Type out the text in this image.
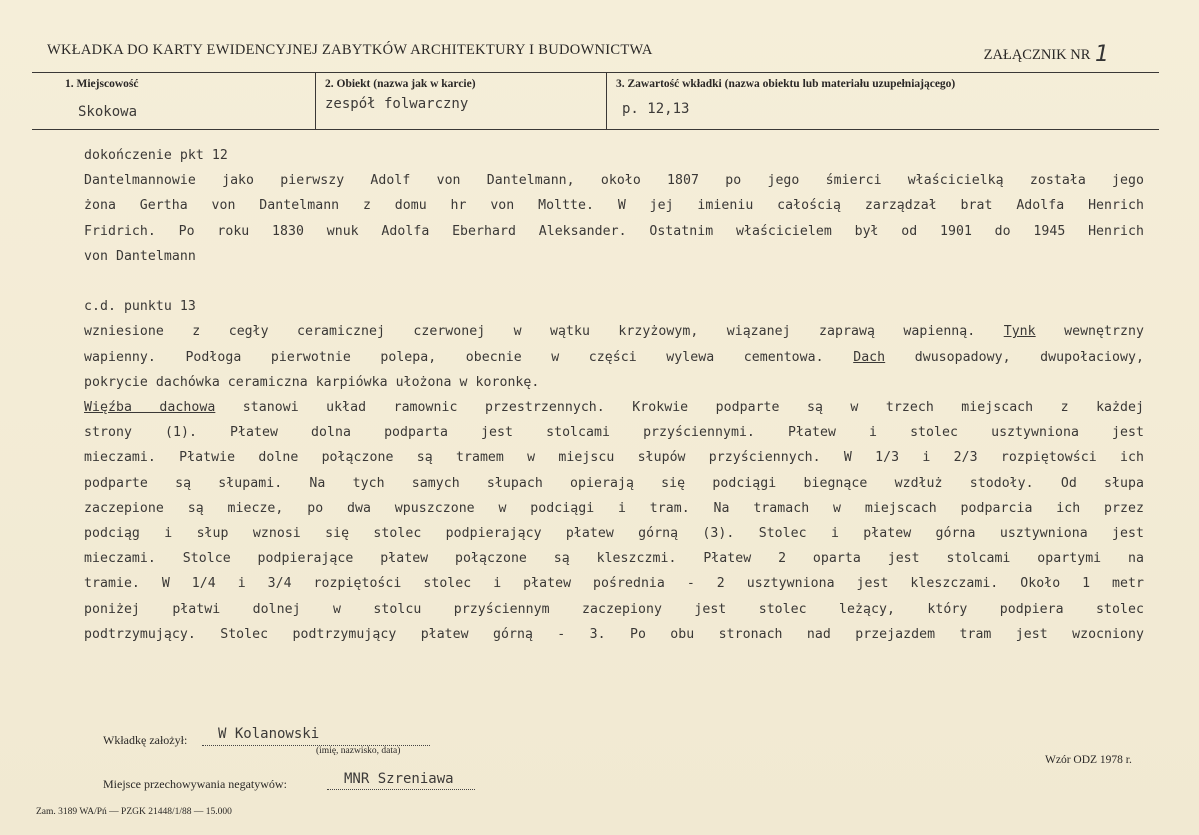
WKŁADKA DO KARTY EWIDENCYJNEJ ZABYTKÓW ARCHITEKTURY I BUDOWNICTWA	ZAŁĄCZNIK NR 1
1. Miejscowość
Skokowa
2. Obiekt (nazwa jak w karcie)
zespół folwarczny
3. Zawartość wkładki (nazwa obiektu lub materiału uzupełniającego)
p. 12,13
dokończenie pkt 12
Dantelmannowie jako pierwszy Adolf von Dantelmann, około 1807 po jego śmierci właścicielką została jego
żona Gertha von Dantelmann z domu hr von Moltte. W jej imieniu całością zarządzał brat Adolfa Henrich
Fridrich. Po roku 1830 wnuk Adolfa Eberhard Aleksander. Ostatnim właścicielem był od 1901 do 1945 Henrich
von Dantelmann
c.d. punktu 13
wzniesione z cegły ceramicznej czerwonej w wątku krzyżowym, wiązanej zaprawą wapienną. Tynk wewnętrzny
wapienny. Podłoga pierwotnie polepa, obecnie w części wylewa cementowa. Dach dwusopadowy, dwupołaciowy,
pokrycie dachówka ceramiczna karpiówka ułożona w koronkę.
Więźba dachowa stanowi układ ramownic przestrzennych. Krokwie podparte są w trzech miejscach z każdej
strony (1). Płatew dolna podparta jest stolcami przyściennymi. Płatew i stolec usztywniona jest
mieczami. Płatwie dolne połączone są tramem w miejscu słupów przyściennych. W 1/3 i 2/3 rozpiętowści ich
podparte są słupami. Na tych samych słupach opierają się podciągi biegnące wzdłuż stodoły. Od słupa
zaczepione są miecze, po dwa wpuszczone w podciągi i tram. Na tramach w miejscach podparcia ich przez
podciąg i słup wznosi się stolec podpierający płatew górną (3). Stolec i płatew górna usztywniona jest
mieczami. Stolce podpierające płatew połączone są kleszczmi. Płatew 2 oparta jest stolcami opartymi na
tramie. W 1/4 i 3/4 rozpiętości stolec i płatew pośrednia - 2 usztywniona jest kleszczami. Około 1 metr
poniżej płatwi dolnej w stolcu przyściennym zaczepiony jest stolec leżący, który podpiera stolec
podtrzymujący. Stolec podtrzymujący płatew górną - 3. Po obu stronach nad przejazdem tram jest wzocniony
Wkładkę założył: W Kolanowski
(imię, nazwisko, data)
Wzór ODZ 1978 r.
Miejsce przechowywania negatywów:	MNR Szreniawa
Zam. 3189 WA/Pń — PZGK 21448/1/88 — 15.000
